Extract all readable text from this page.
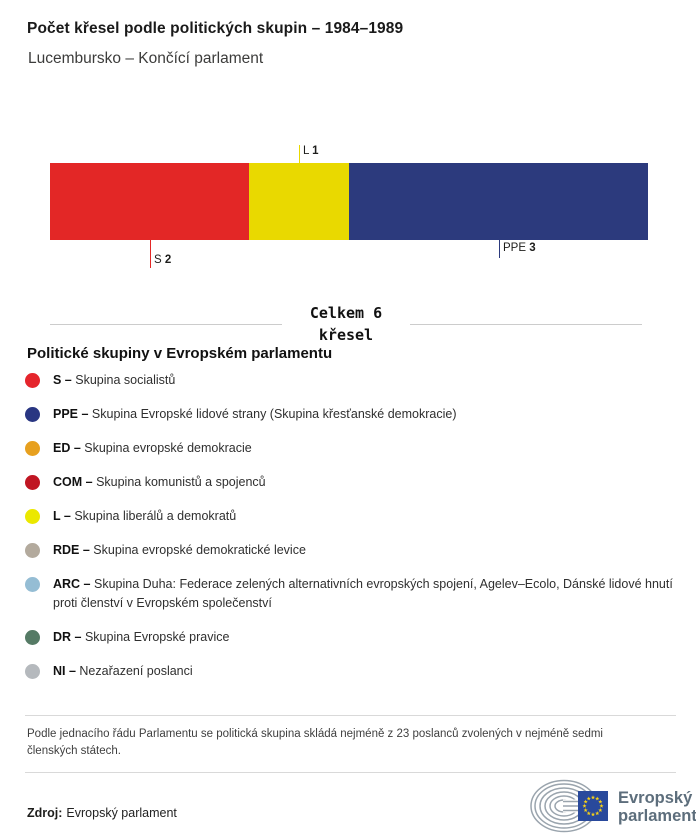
Počet křesel podle politických skupin – 1984–1989
Lucembursko – Končící parlament
S 2
L 1
PPE 3
Celkem 6
křesel
Politické skupiny v Evropském parlamentu
S – Skupina socialistů
PPE – Skupina Evropské lidové strany (Skupina křesťanské demokracie)
ED – Skupina evropské demokracie
COM – Skupina komunistů a spojenců
L – Skupina liberálů a demokratů
RDE – Skupina evropské demokratické levice
ARC – Skupina Duha: Federace zelených alternativních evropských spojení, Agelev–Ecolo, Dánské lidové hnutí proti členství v Evropském společenství
DR – Skupina Evropské pravice
NI – Nezařazení poslanci
Podle jednacího řádu Parlamentu se politická skupina skládá nejméně z 23 poslanců zvolených v nejméně sedmi členských státech.
Zdroj: Evropský parlament
Evropský
parlament
